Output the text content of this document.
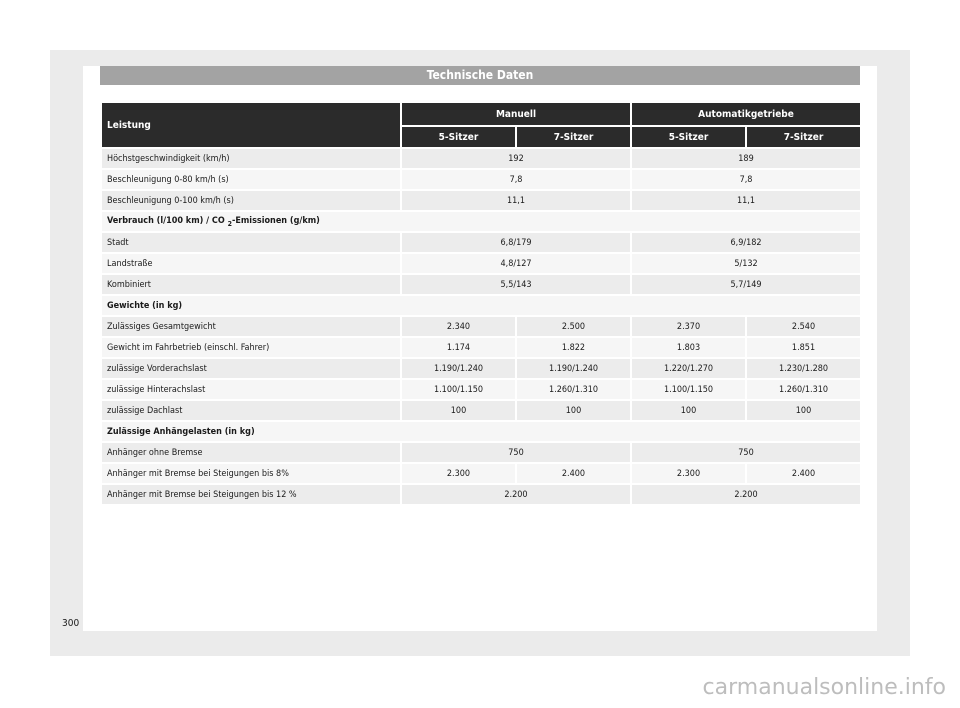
Technische Daten
Leistung	Manuell		Automatikgetriebe	
	5-Sitzer	7-Sitzer	5-Sitzer	7-Sitzer
Höchstgeschwindigkeit (km/h)	192		189	
Beschleunigung 0-80 km/h (s)	7,8		7,8	
Beschleunigung 0-100 km/h (s)	11,1		11,1	
Verbrauch (l/100 km) / CO $_2$-Emissionen (g/km)				
Stadt	6,8/179		6,9/182	
Landstraße	4,8/127		5/132	
Kombiniert	5,5/143		5,7/149	
Gewichte (in kg)				
Zulässiges Gesamtgewicht	2.340	2.500	2.370	2.540
Gewicht im Fahrbetrieb (einschl. Fahrer)	1.174	1.822	1.803	1.851
zulässige Vorderachslast	1.190/1.240	1.190/1.240	1.220/1.270	1.230/1.280
zulässige Hinterachslast	1.100/1.150	1.260/1.310	1.100/1.150	1.260/1.310
zulässige Dachlast	100	100	100	100
Zulässige Anhängelasten (in kg)				
Anhänger ohne Bremse	750		750	
Anhänger mit Bremse bei Steigungen bis 8%	2.300	2.400	2.300	2.400
Anhänger mit Bremse bei Steigungen bis 12 %	2.200		2.200	
300
carmanualsonline.info
